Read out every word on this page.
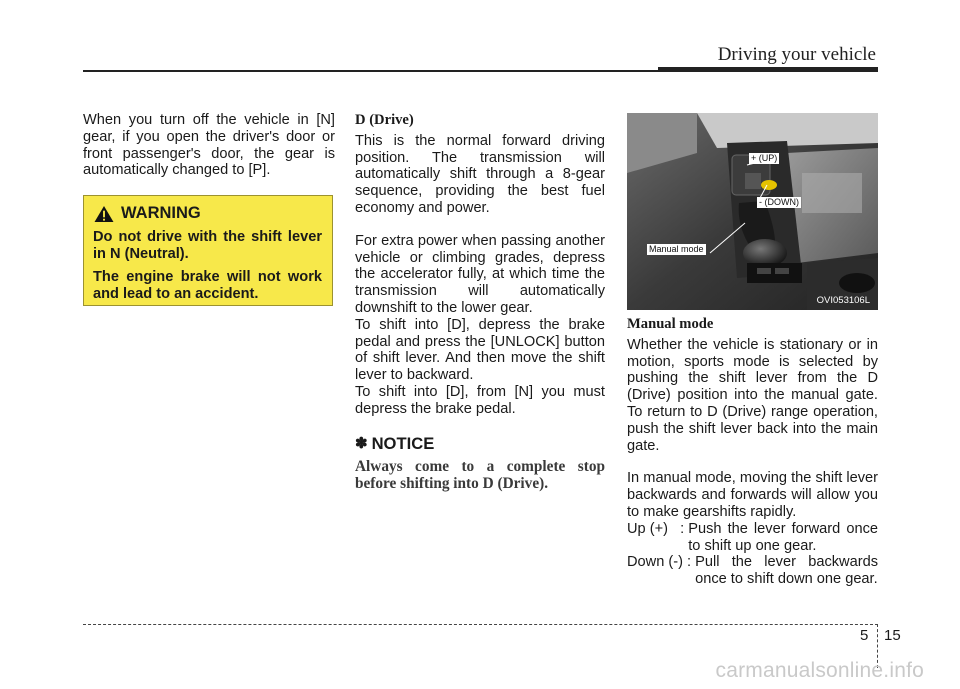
Driving your vehicle

When you turn off the vehicle in [N] gear, if you open the driver's door or front passenger's door, the gear is automatically changed to [P].

WARNING

Do not drive with the shift lever in N (Neutral).

The engine brake will not work and lead to an accident.

D (Drive)

This is the normal forward driving position. The transmission will automatically shift through a 8-gear sequence, providing the best fuel economy and power.

For extra power when passing another vehicle or climbing grades, depress the accelerator fully, at which time the transmission will automatically downshift to the lower gear.

To shift into [D], depress the brake pedal and press the [UNLOCK] button of shift lever. And then move the shift lever to backward.

To shift into [D], from [N] you must depress the brake pedal.

✽ NOTICE

Always come to a complete stop before shifting into D (Drive).

+ (UP)
- (DOWN)
Manual mode
OVI053106L

Manual mode

Whether the vehicle is stationary or in motion, sports mode is selected by pushing the shift lever from the D (Drive) position into the manual gate. To return to D (Drive) range operation, push the shift lever back into the main gate.

In manual mode, moving the shift lever backwards and forwards will allow you to make gearshifts rapidly.

Up (+)   : Push the lever forward once to shift up one gear.
Down (-) : Pull the lever backwards once to shift down one gear.
5 15
carmanualsonline.info
